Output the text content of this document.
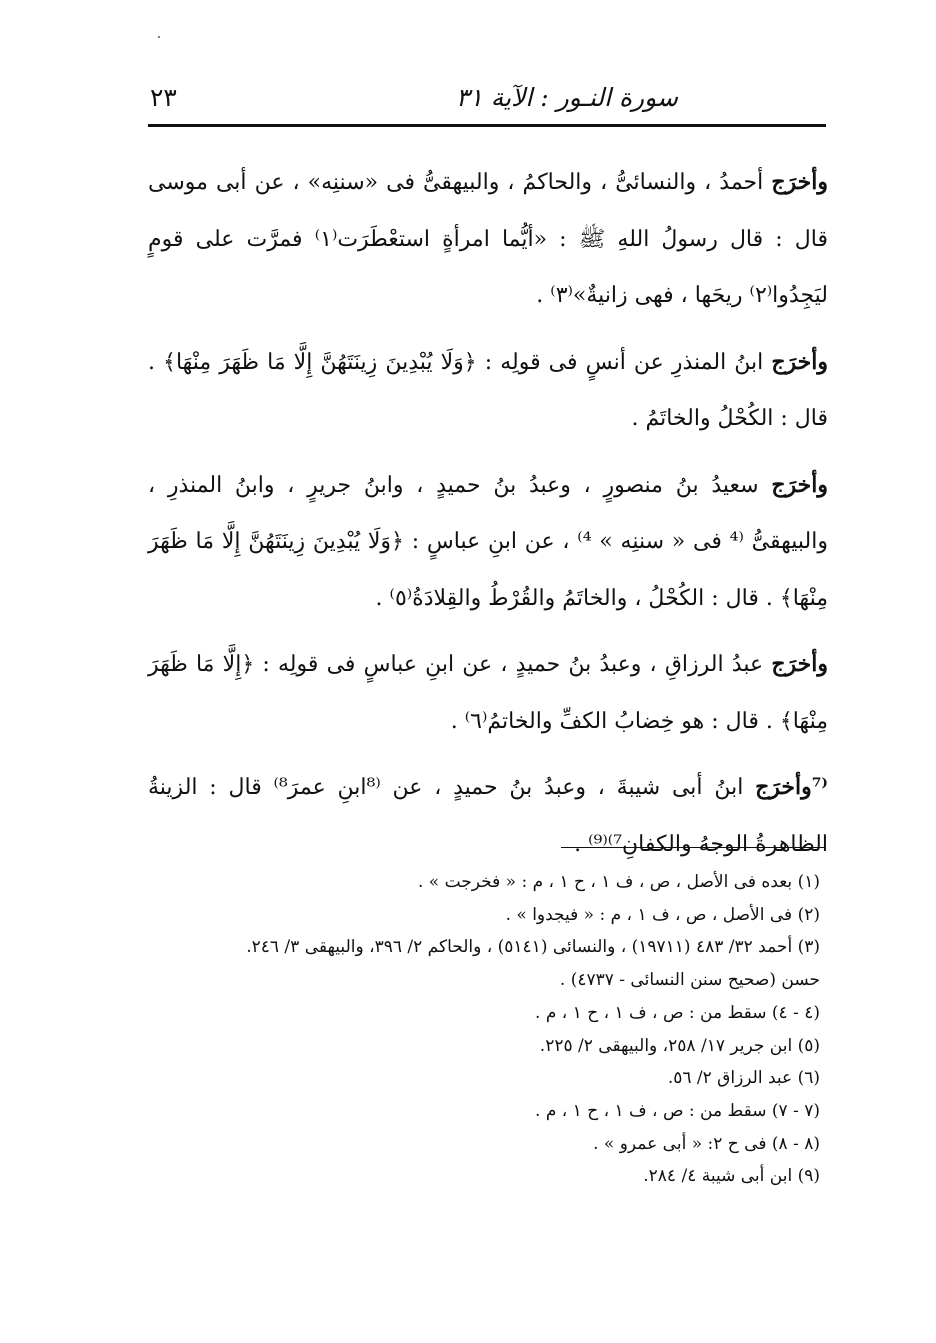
سورة النـور : الآية ٣١
٢٣

وأخرَج أحمدُ ، والنسائىُّ ، والحاكمُ ، والبيهقىُّ فى «سننِه» ، عن أبى موسى قال : قال رسولُ اللهِ ﷺ : «أيُّما امرأةٍ استعْطَرَت⁽١⁾ فمرَّت على قومٍ ليَجِدُوا⁽٢⁾ ريحَها ، فهى زانيةٌ»⁽٣⁾ .

وأخرَج ابنُ المنذرِ عن أنسٍ فى قولِه : ﴿وَلَا يُبْدِينَ زِينَتَهُنَّ إِلَّا مَا ظَهَرَ مِنْهَا﴾ . قال : الكُحْلُ والخاتَمُ .

وأخرَج سعيدُ بنُ منصورٍ ، وعبدُ بنُ حميدٍ ، وابنُ جريرٍ ، وابنُ المنذرِ ، والبيهقىُّ ⁽⁴ فى « سننِه » ⁴⁾ ، عن ابنِ عباسٍ : ﴿وَلَا يُبْدِينَ زِينَتَهُنَّ إِلَّا مَا ظَهَرَ مِنْهَا﴾ . قال : الكُحْلُ ، والخاتَمُ والقُرْطُ والقِلادَةُ⁽٥⁾ .

وأخرَج عبدُ الرزاقِ ، وعبدُ بنُ حميدٍ ، عن ابنِ عباسٍ فى قولِه : ﴿إِلَّا مَا ظَهَرَ مِنْهَا﴾ . قال : هو خِضابُ الكفِّ والخاتمُ⁽٦⁾ .

⁽⁷وأخرَج ابنُ أبى شيبةَ ، وعبدُ بنُ حميدٍ ، عن ⁽⁸ابنِ عمرَ⁸⁾ قال : الزينةُ الظاهرةُ الوجهُ والكفانِ⁷⁾⁽⁹⁾ .

(١) بعده فى الأصل ، ص ، ف ١ ، ح ١ ، م : « فخرجت » .
(٢) فى الأصل ، ص ، ف ١ ، م : « فيجدوا » .
(٣) أحمد ٣٢/ ٤٨٣ (١٩٧١١) ، والنسائى (٥١٤١) ، والحاكم ٢/ ٣٩٦، والبيهقى ٣/ ٢٤٦.
حسن (صحيح سنن النسائى - ٤٧٣٧) .
(٤ - ٤) سقط من : ص ، ف ١ ، ح ١ ، م .
(٥) ابن جرير ١٧/ ٢٥٨، والبيهقى ٢/ ٢٢٥.
(٦) عبد الرزاق ٢/ ٥٦.
(٧ - ٧) سقط من : ص ، ف ١ ، ح ١ ، م .
(٨ - ٨) فى ح ٢: « أبى عمرو » .
(٩) ابن أبى شيبة ٤/ ٢٨٤.
